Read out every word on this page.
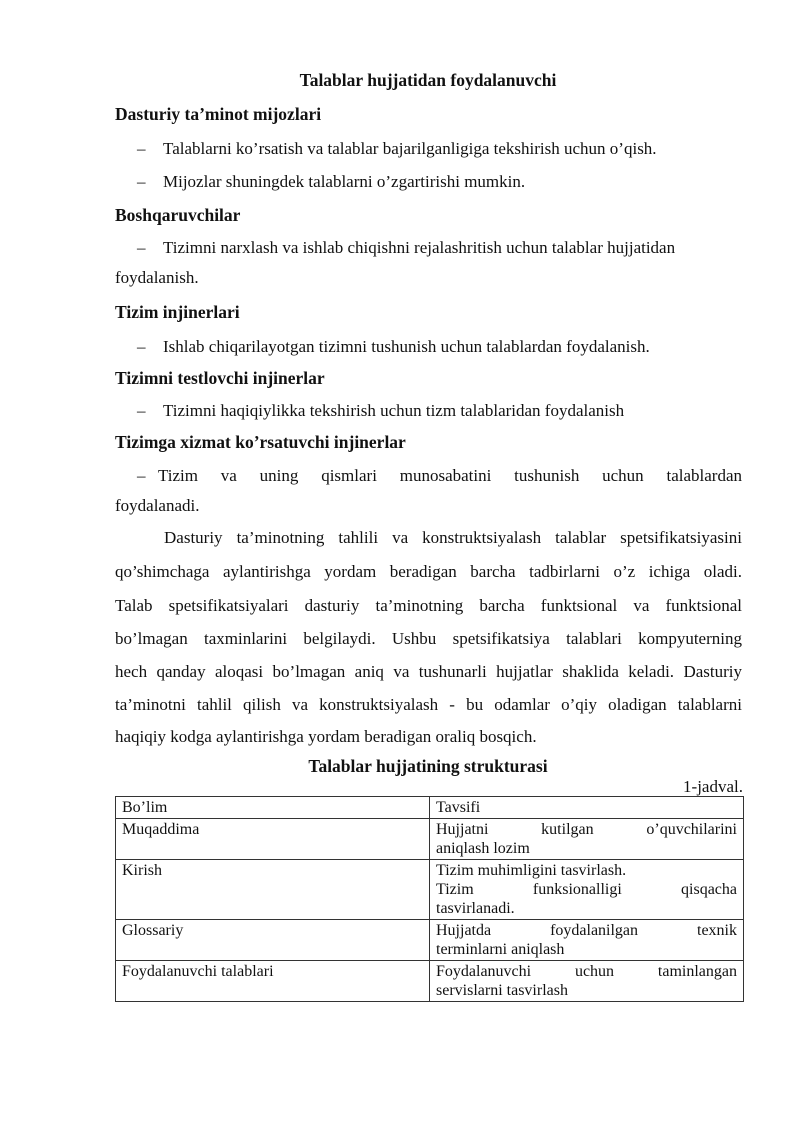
Talablar hujjatidan foydalanuvchi
Dasturiy ta’minot mijozlari
– Talablarni ko’rsatish va talablar bajarilganligiga tekshirish uchun o’qish.
– Mijozlar shuningdek talablarni o’zgartirishi mumkin.
Boshqaruvchilar
– Tizimni narxlash va ishlab chiqishni rejalashritish uchun talablar hujjatidan
foydalanish.
Tizim injinerlari
– Ishlab chiqarilayotgan tizimni tushunish uchun talablardan foydalanish.
Tizimni testlovchi injinerlar
– Tizimni haqiqiylikka tekshirish uchun tizm talablaridan foydalanish
Tizimga xizmat ko’rsatuvchi injinerlar
– Tizim va uning qismlari munosabatini tushunish uchun talablardan
foydalanadi.
Dasturiy ta’minotning tahlili va konstruktsiyalash talablar spetsifikatsiyasini
qo’shimchaga aylantirishga yordam beradigan barcha tadbirlarni o’z ichiga oladi.
Talab spetsifikatsiyalari dasturiy ta’minotning barcha funktsional va funktsional
bo’lmagan taxminlarini belgilaydi. Ushbu spetsifikatsiya talablari kompyuterning
hech qanday aloqasi bo’lmagan aniq va tushunarli hujjatlar shaklida keladi. Dasturiy
ta’minotni tahlil qilish va konstruktsiyalash - bu odamlar o’qiy oladigan talablarni
haqiqiy kodga aylantirishga yordam beradigan oraliq bosqich.
Talablar hujjatining strukturasi
1-jadval.
Bo’lim	Tavsifi
Muqaddima	Hujjatni kutilgan o’quvchilarini
aniqlash lozim

Kirish	Tizim muhimligini tasvirlash.
Tizim funksionalligi qisqacha
tasvirlanadi.

Glossariy	Hujjatda foydalanilgan texnik
terminlarni aniqlash

Foydalanuvchi talablari	Foydalanuvchi uchun taminlangan
servislarni tasvirlash
